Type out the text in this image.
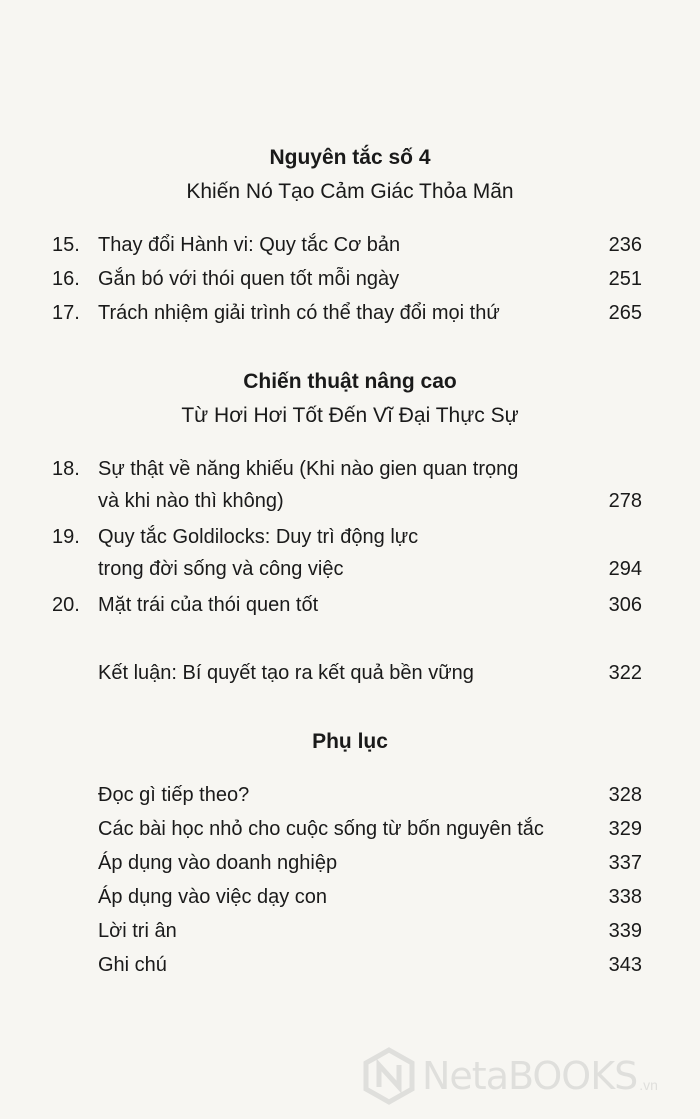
Nguyên tắc số 4
Khiến Nó Tạo Cảm Giác Thỏa Mãn
15. Thay đổi Hành vi: Quy tắc Cơ bản	236
16. Gắn bó với thói quen tốt mỗi ngày	251
17. Trách nhiệm giải trình có thể thay đổi mọi thứ	265
Chiến thuật nâng cao
Từ Hơi Hơi Tốt Đến Vĩ Đại Thực Sự
18. Sự thật về năng khiếu (Khi nào gien quan trọng
và khi nào thì không)	278
19. Quy tắc Goldilocks: Duy trì động lực
trong đời sống và công việc	294
20. Mặt trái của thói quen tốt	306
Kết luận: Bí quyết tạo ra kết quả bền vững	322
Phụ lục
Đọc gì tiếp theo?	328
Các bài học nhỏ cho cuộc sống từ bốn nguyên tắc	329
Áp dụng vào doanh nghiệp	337
Áp dụng vào việc dạy con	338
Lời tri ân	339
Ghi chú	343
NetaBOOKS .vn
